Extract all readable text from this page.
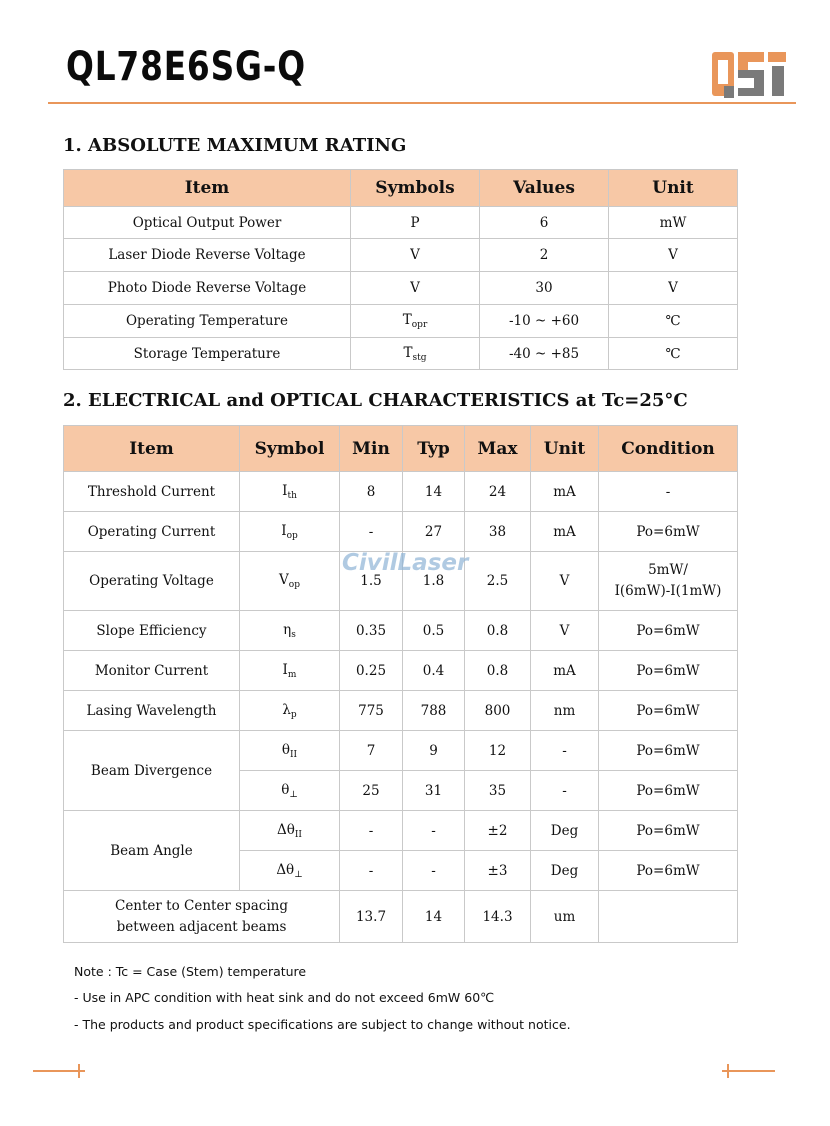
QL78E6SG-Q
1. ABSOLUTE MAXIMUM RATING
Item	Symbols	Values	Unit
Optical Output Power	P	6	mW
Laser Diode Reverse Voltage	V	2	V
Photo Diode Reverse Voltage	V	30	V
Operating Temperature	$T_{opr}$	-10 ~ +60	℃
Storage Temperature	$T_{stg}$	-40 ~ +85	℃
2. ELECTRICAL and OPTICAL CHARACTERISTICS at Tc=25°C
Item	Symbol	Min	Typ	Max	Unit	Condition
Threshold Current	$I_{th}$	8	14	24	mA	-
Operating Current	$I_{op}$	-	27	38	mA	Po=6mW
Operating Voltage	$V_{op}$	1.5	1.8	2.5	V	5mW/
I(6mW)-I(1mW)

Slope Efficiency	$\eta_s$	0.35	0.5	0.8	V	Po=6mW
Monitor Current	$I_m$	0.25	0.4	0.8	mA	Po=6mW
Lasing Wavelength	$\lambda_p$	775	788	800	nm	Po=6mW
Beam Divergence	$\theta_{II}$	7	9	12	-	Po=6mW
	$\theta_\perp$	25	31	35	-	Po=6mW
Beam Angle	$\Delta\theta_{II}$	-	-	±2	Deg	Po=6mW
	$\Delta\theta_\perp$	-	-	±3	Deg	Po=6mW

Center to Center spacing
between adjacent beams		13.7	14	14.3	um	
CivilLaser
Note : Tc = Case (Stem) temperature
- Use in APC condition with heat sink and do not exceed 6mW 60℃
- The products and product specifications are subject to change without notice.
